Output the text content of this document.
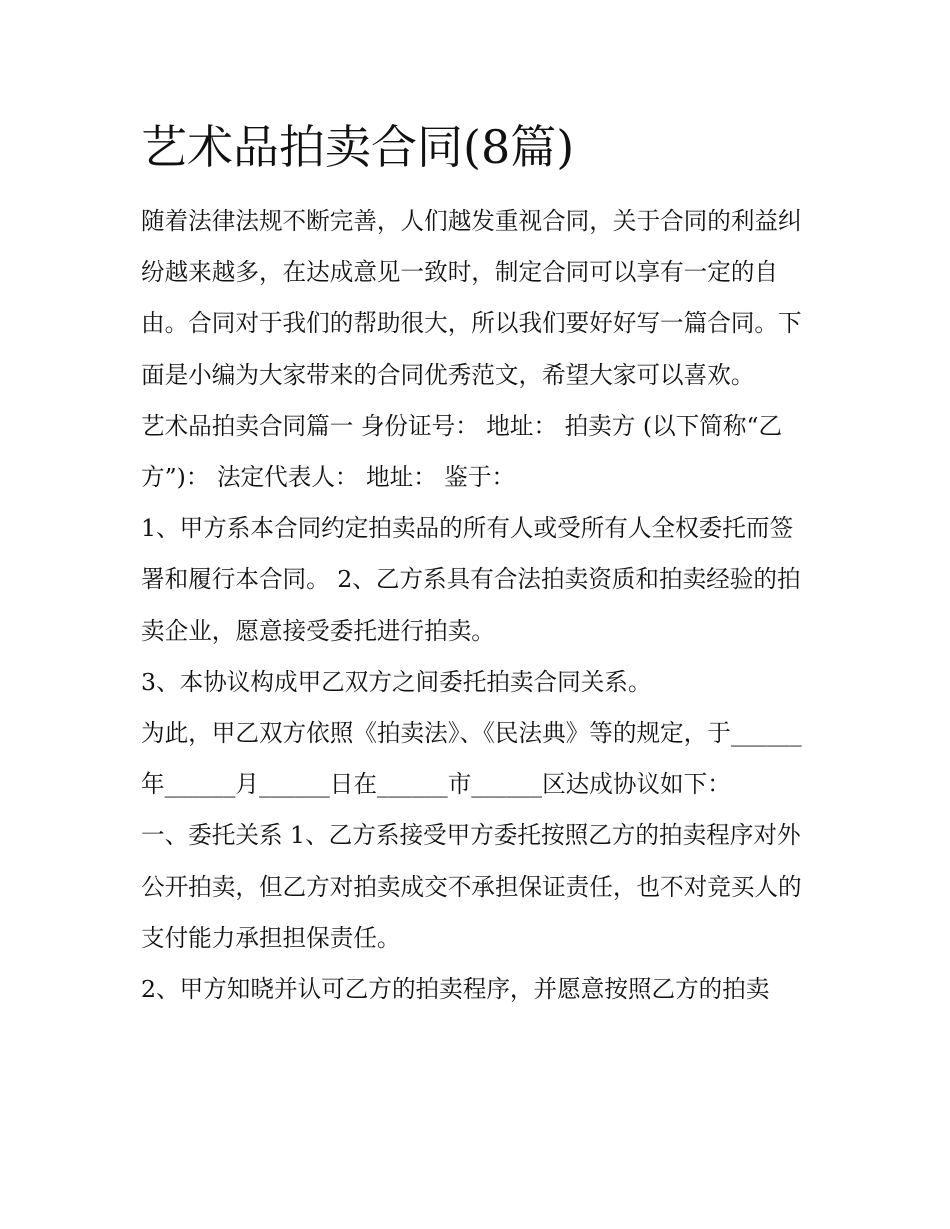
艺术品拍卖合同(8篇)

随着法律法规不断完善，人们越发重视合同，关于合同的利益纠纷越来越多，在达成意见一致时，制定合同可以享有一定的自由。合同对于我们的帮助很大，所以我们要好好写一篇合同。下面是小编为大家带来的合同优秀范文，希望大家可以喜欢。

艺术品拍卖合同篇一 身份证号： 地址： 拍卖方 (以下简称“乙方”)： 法定代表人： 地址： 鉴于：

1、甲方系本合同约定拍卖品的所有人或受所有人全权委托而签署和履行本合同。 2、乙方系具有合法拍卖资质和拍卖经验的拍卖企业，愿意接受委托进行拍卖。

3、本协议构成甲乙双方之间委托拍卖合同关系。

为此，甲乙双方依照《拍卖法》、《民法典》等的规定，于______年______月______日在______市______区达成协议如下：

一、委托关系 1、乙方系接受甲方委托按照乙方的拍卖程序对外公开拍卖，但乙方对拍卖成交不承担保证责任，也不对竞买人的支付能力承担担保责任。

2、甲方知晓并认可乙方的拍卖程序，并愿意按照乙方的拍卖
